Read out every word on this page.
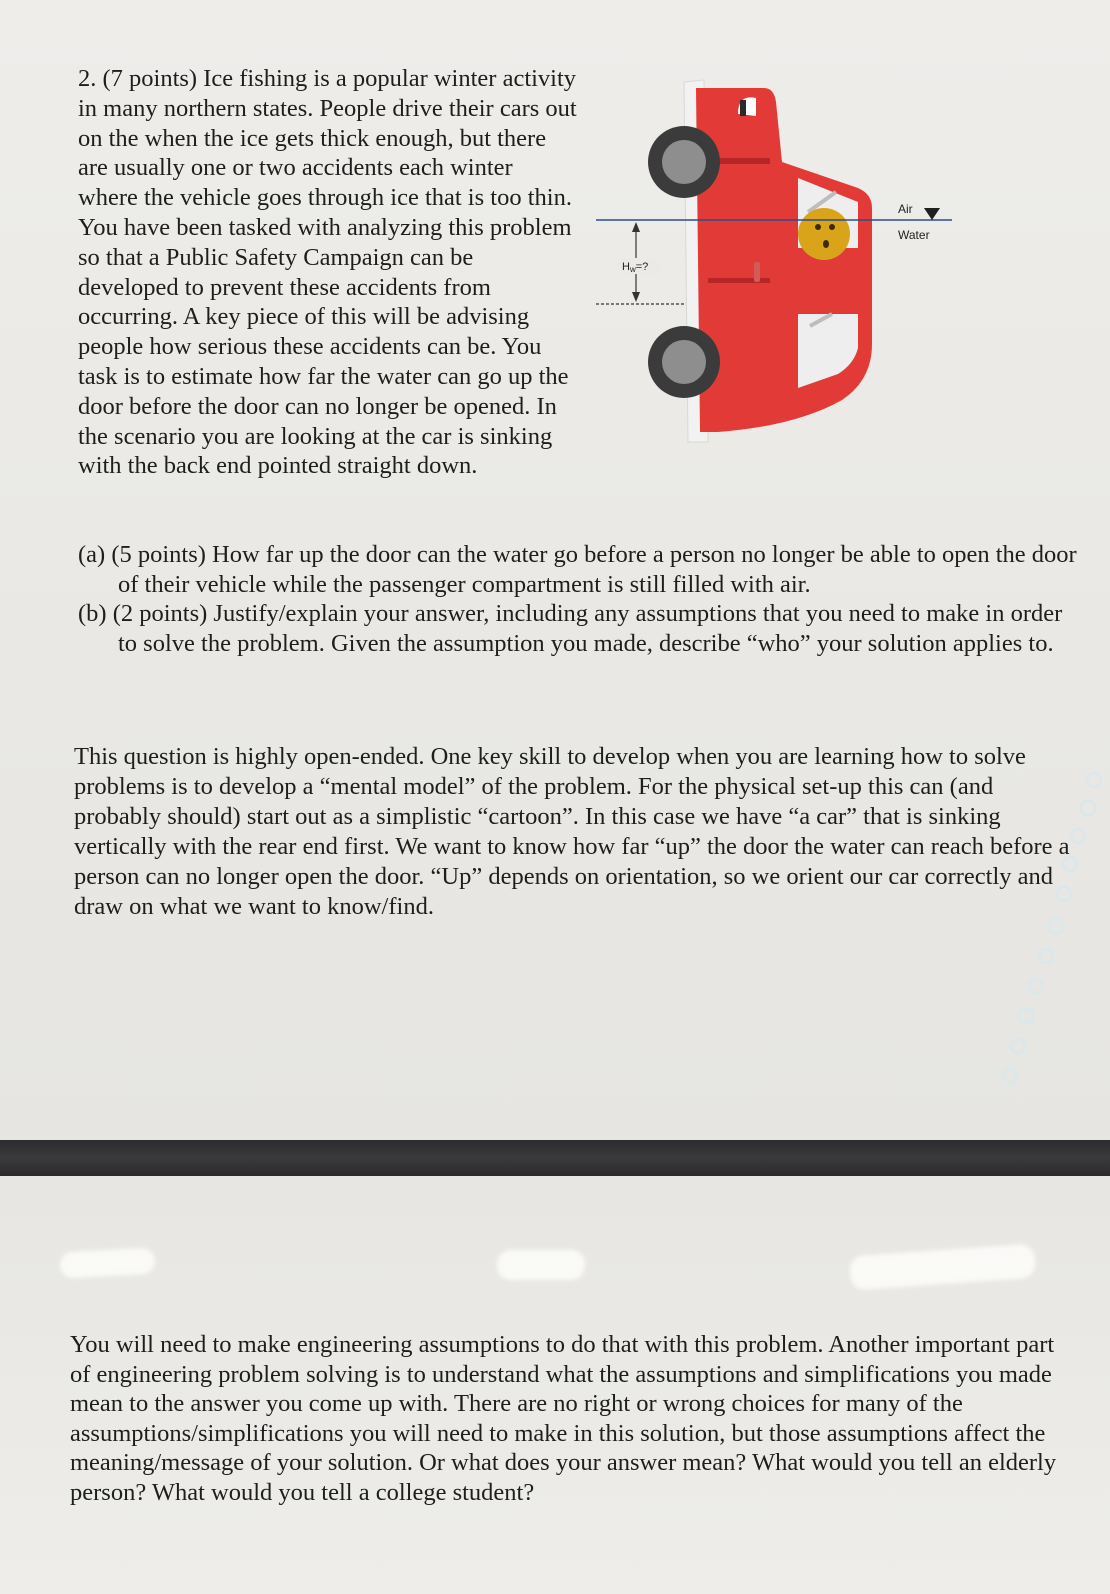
2. (7 points) Ice fishing is a popular winter activity in many northern states. People drive their cars out on the when the ice gets thick enough, but there are usually one or two accidents each winter where the vehicle goes through ice that is too thin. You have been tasked with analyzing this problem so that a Public Safety Campaign can be developed to prevent these accidents from occurring. A key piece of this will be advising people how serious these accidents can be. You task is to estimate how far the water can go up the door before the door can no longer be opened. In the scenario you are looking at the car is sinking with the back end pointed straight down.

Air
Water
Hw=?
(a) (5 points) How far up the door can the water go before a person no longer be able to open the door of their vehicle while the passenger compartment is still filled with air.
(b) (2 points) Justify/explain your answer, including any assumptions that you need to make in order to solve the problem. Given the assumption you made, describe “who” your solution applies to.

This question is highly open-ended. One key skill to develop when you are learning how to solve problems is to develop a “mental model” of the problem. For the physical set-up this can (and probably should) start out as a simplistic “cartoon”. In this case we have “a car” that is sinking vertically with the rear end first. We want to know how far “up” the door the water can reach before a person can no longer open the door. “Up” depends on orientation, so we orient our car correctly and draw on what we want to know/find.

You will need to make engineering assumptions to do that with this problem. Another important part of engineering problem solving is to understand what the assumptions and simplifications you made mean to the answer you come up with. There are no right or wrong choices for many of the assumptions/simplifications you will need to make in this solution, but those assumptions affect the meaning/message of your solution. Or what does your answer mean? What would you tell an elderly person? What would you tell a college student?
